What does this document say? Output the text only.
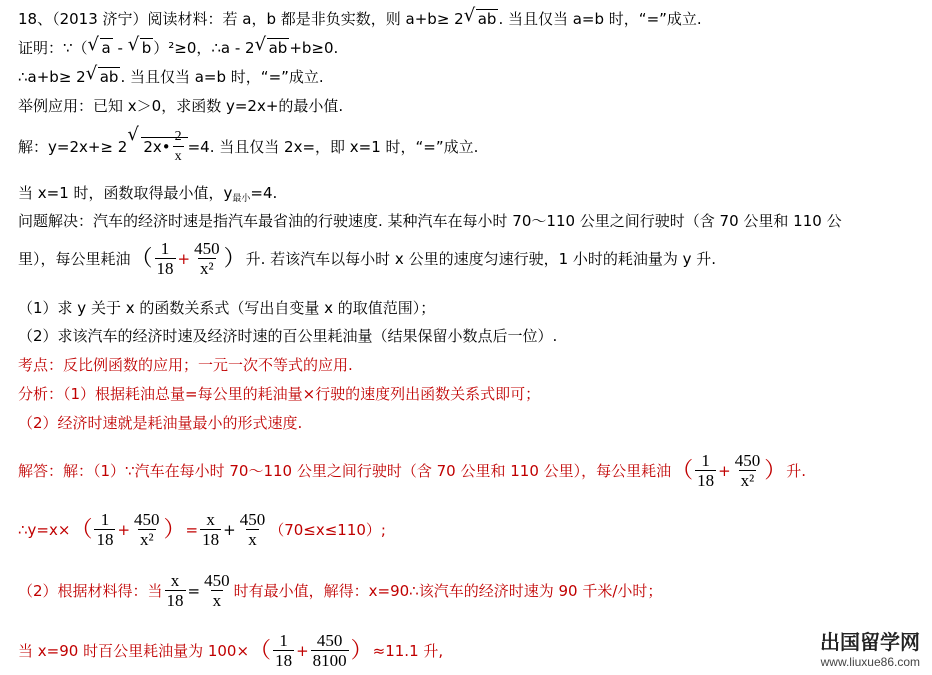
18、（2013 济宁）阅读材料：若 a，b 都是非负实数，则 a+b≥ 2 √ ab . 当且仅当 a=b 时，“=”成立.
证明：∵（ √ a - √ b ）²≥0，∴a - 2 √ ab +b≥0.
∴a+b≥ 2 √ ab . 当且仅当 a=b 时，“=”成立.
举例应用：已知 x＞0，求函数 y=2x+的最小值.
解：y=2x+≥ 2 √ 2x• $\frac{2}{x} =4$. 当且仅当 2x=，即 x=1 时，“=”成立.
当 x=1 时，函数取得最小值，$y_{最小}=4$.
问题解决：汽车的经济时速是指汽车最省油的行驶速度. 某种汽车在每小时 70～110 公里之间行驶时（含 70 公里和 110 公
里），每公里耗油（ $\frac{1}{18} + \frac{450}{\text{x²}}$ ）升. 若该汽车以每小时 x 公里的速度匀速行驶，1 小时的耗油量为 y 升.
（1）求 y 关于 x 的函数关系式（写出自变量 x 的取值范围）；
（2）求该汽车的经济时速及经济时速的百公里耗油量（结果保留小数点后一位）.
考点：反比例函数的应用；一元一次不等式的应用.
分析：（1）根据耗油总量=每公里的耗油量×行驶的速度列出函数关系式即可；
（2）经济时速就是耗油量最小的形式速度.
解答：解：（1）∵汽车在每小时 70～110 公里之间行驶时（含 70 公里和 110 公里），每公里耗油（ $\frac{1}{18} + \frac{450}{\text{x²}}$ ）升.
∴y=x×（ $\frac{1}{18} + \frac{450}{\text{x²}}$ ）= $\frac{x}{18} + \frac{450}{x} (70\le x\le 110)$;
（2）根据材料得：当 $\frac{x}{18} = \frac{450}{x}$ 时有最小值，解得：x=90∴该汽车的经济时速为 90 千米/小时；
当 x=90 时百公里耗油量为 $100\times( \frac{1}{18} + \frac{450}{8100} )\approx 11.1$ 升,	出国留学网
www.liuxue86.com
